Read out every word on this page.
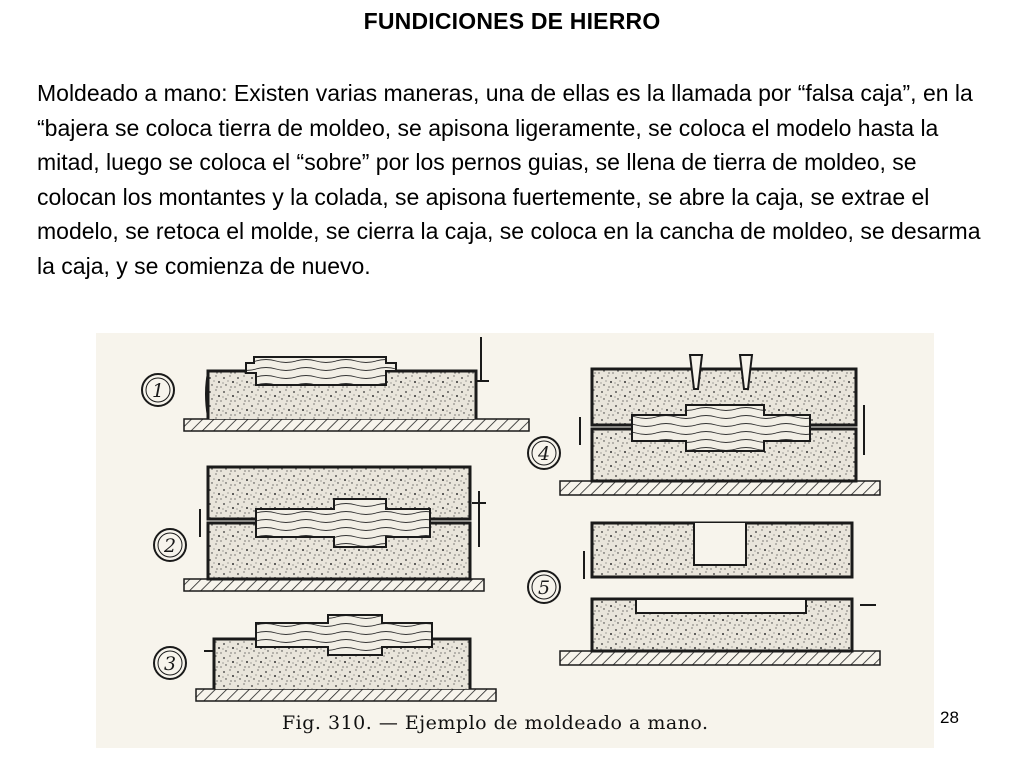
FUNDICIONES DE HIERRO

Moldeado a mano: Existen varias maneras, una de ellas es la llamada por “falsa caja”, en la “bajera se coloca tierra de moldeo, se apisona ligeramente, se coloca el modelo hasta la mitad, luego se coloca el “sobre” por los pernos guias, se llena de tierra de moldeo, se colocan los montantes y la colada, se apisona fuertemente, se abre la caja, se extrae el modelo, se retoca el molde, se cierra la caja, se coloca en la cancha de moldeo, se desarma la caja, y se comienza de nuevo.

1
2
3
4
5
Fig. 310. — Ejemplo de moldeado a mano.	28
